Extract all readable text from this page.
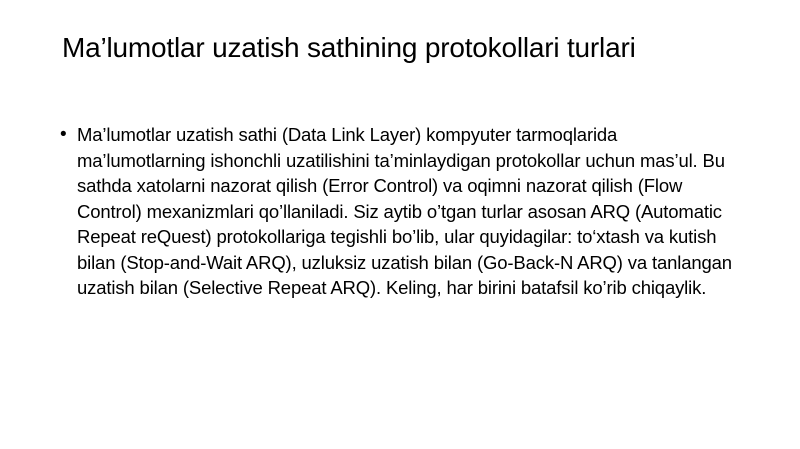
Ma’lumotlar uzatish sathining protokollari turlari
• Ma’lumotlar uzatish sathi (Data Link Layer) kompyuter tarmoqlarida ma’lumotlarning ishonchli uzatilishini ta’minlaydigan protokollar uchun mas’ul. Bu sathda xatolarni nazorat qilish (Error Control) va oqimni nazorat qilish (Flow Control) mexanizmlari qo’llaniladi. Siz aytib o’tgan turlar asosan ARQ (Automatic Repeat reQuest) protokollariga tegishli bo’lib, ular quyidagilar: to‘xtash va kutish bilan (Stop-and-Wait ARQ), uzluksiz uzatish bilan (Go-Back-N ARQ) va tanlangan uzatish bilan (Selective Repeat ARQ). Keling, har birini batafsil ko’rib chiqaylik.
